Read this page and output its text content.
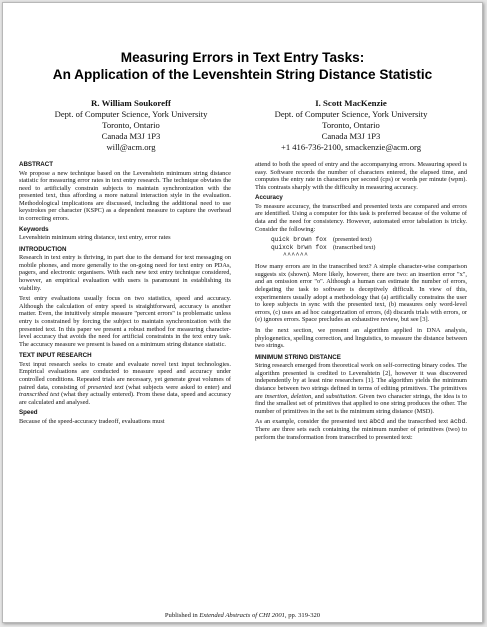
Measuring Errors in Text Entry Tasks:
An Application of the Levenshtein String Distance Statistic
R. William Soukoreff
Dept. of Computer Science, York University
Toronto, Ontario
Canada M3J 1P3
will@acm.org
I. Scott MacKenzie
Dept. of Computer Science, York University
Toronto, Ontario
Canada M3J 1P3
+1 416-736-2100, smackenzie@acm.org
ABSTRACT

We propose a new technique based on the Levenshtein minimum string distance statistic for measuring error rates in text entry research. The technique obviates the need to artificially constrain subjects to maintain synchronization with the presented text, thus affording a more natural interaction style in the evaluation. Methodological implications are discussed, including the additional need to use keystrokes per character (KSPC) as a dependent measure to capture the overhead in correcting errors.

Keywords

Levenshtein minimum string distance, text entry, error rates

INTRODUCTION

Research in text entry is thriving, in part due to the demand for text messaging on mobile phones, and more generally to the on-going need for text entry on PDAs, pagers, and electronic organisers. With each new text entry technique considered, however, an empirical evaluation with users is paramount in establishing its viability.

Text entry evaluations usually focus on two statistics, speed and accuracy. Although the calculation of entry speed is straightforward, accuracy is another matter. Even, the intuitively simple measure "percent errors" is problematic unless entry is constrained by forcing the subject to maintain synchronization with the presented text. In this paper we present a robust method for measuring character-level accuracy that avoids the need for artificial constraints in the text entry task. The accuracy measure we present is based on a minimum string distance statistic.

TEXT INPUT RESEARCH

Text input research seeks to create and evaluate novel text input technologies. Empirical evaluations are conducted to measure speed and accuracy under controlled conditions. Repeated trials are necessary, yet generate great volumes of paired data, consisting of presented text (what subjects were asked to enter) and transcribed text (what they actually entered). From these data, speed and accuracy are calculated and analysed.

Speed

Because of the speed-accuracy tradeoff, evaluations must

attend to both the speed of entry and the accompanying errors. Measuring speed is easy. Software records the number of characters entered, the elapsed time, and computes the entry rate in characters per second (cps) or words per minute (wpm). This contrasts sharply with the difficulty in measuring accuracy.

Accuracy

To measure accuracy, the transcribed and presented texts are compared and errors are identified. Using a computer for this task is preferred because of the volume of data and the need for consistency. However, automated error tabulation is tricky. Consider the following:

quick brown fox (presented text)
quixck brwn fox (transcribed text)
^^^^^^

How many errors are in the transcribed text? A simple character-wise comparison suggests six (shown). More likely, however, there are two: an insertion error "x", and an omission error "o". Although a human can estimate the number of errors, delegating the task to software is deceptively difficult. In view of this, experimenters usually adopt a methodology that (a) artificially constrains the user to keep subjects in sync with the presented text, (b) measures only word-level errors, (c) uses an ad hoc categorization of errors, (d) discards trials with errors, or (e) ignores errors. Space precludes an exhaustive review, but see [3].

In the next section, we present an algorithm applied in DNA analysis, phylogenetics, spelling correction, and linguistics, to measure the distance between two strings.

MINIMUM STRING DISTANCE

String research emerged from theoretical work on self-correcting binary codes. The algorithm presented is credited to Levenshtein [2], however it was discovered independently by at least nine researchers [1]. The algorithm yields the minimum distance between two strings defined in terms of editing primitives. The primitives are insertion, deletion, and substitution. Given two character strings, the idea is to find the smallest set of primitives that applied to one string produces the other. The number of primitives in the set is the minimum string distance (MSD).

As an example, consider the presented text abcd and the transcribed text acbd. There are three sets each containing the minimum number of primitives (two) to perform the transformation from transcribed to presented text:

Published in Extended Abstracts of CHI 2001, pp. 319-320
